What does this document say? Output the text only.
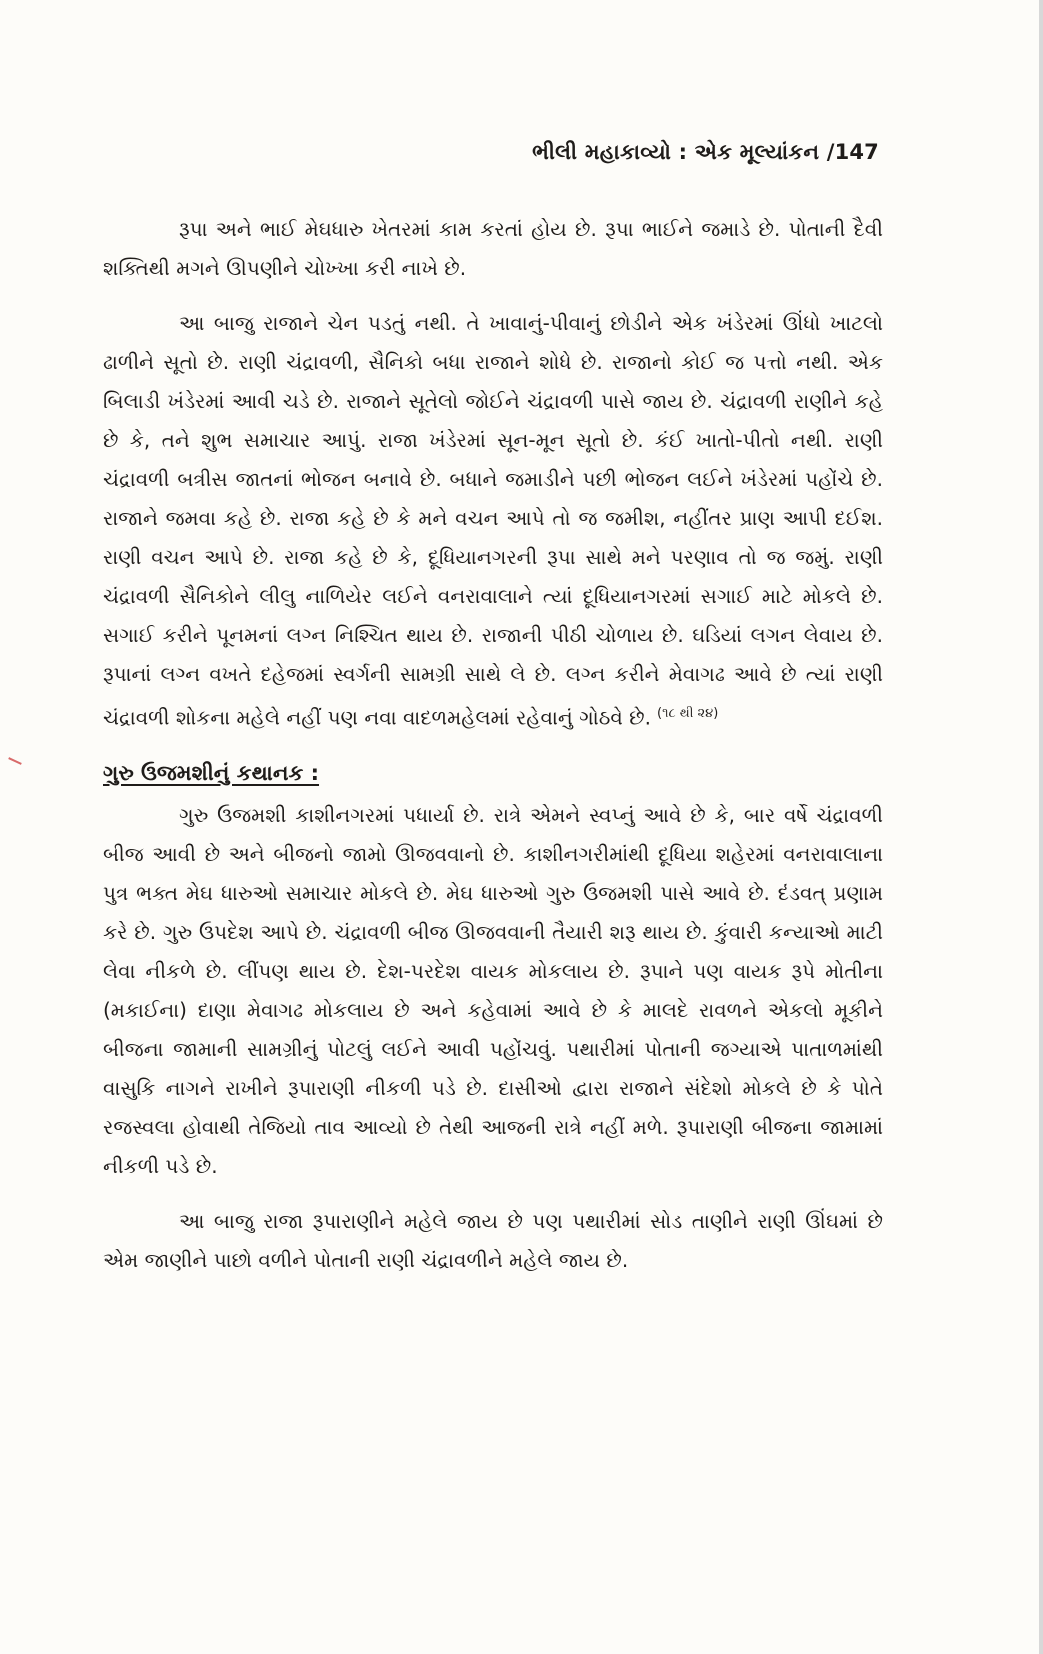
ભીલી મહાકાવ્યો : એક મૂલ્યાંકન /147

રૂપા અને ભાઈ મેઘધારુ ખેતરમાં કામ કરતાં હોય છે. રૂપા ભાઈને જમાડે છે. પોતાની દૈવી શક્તિથી મગને ઊપણીને ચોખ્ખા કરી નાખે છે.

આ બાજુ રાજાને ચેન પડતું નથી. તે ખાવાનું-પીવાનું છોડીને એક ખંડેરમાં ઊંધો ખાટલો ઢાળીને સૂતો છે. રાણી ચંદ્રાવળી, સૈનિકો બધા રાજાને શોધે છે. રાજાનો કોઈ જ પત્તો નથી. એક બિલાડી ખંડેરમાં આવી ચડે છે. રાજાને સૂતેલો જોઈને ચંદ્રાવળી પાસે જાય છે. ચંદ્રાવળી રાણીને કહે છે કે, તને શુભ સમાચાર આપું. રાજા ખંડેરમાં સૂન-મૂન સૂતો છે. કંઈ ખાતો-પીતો નથી. રાણી ચંદ્રાવળી બત્રીસ જાતનાં ભોજન બનાવે છે. બધાને જમાડીને પછી ભોજન લઈને ખંડેરમાં પહોંચે છે. રાજાને જમવા કહે છે. રાજા કહે છે કે મને વચન આપે તો જ જમીશ, નહીંતર પ્રાણ આપી દઈશ. રાણી વચન આપે છે. રાજા કહે છે કે, દૂધિયાનગરની રૂપા સાથે મને પરણાવ તો જ જમું. રાણી ચંદ્રાવળી સૈનિકોને લીલુ નાળિયેર લઈને વનરાવાલાને ત્યાં દૂધિયાનગરમાં સગાઈ માટે મોકલે છે. સગાઈ કરીને પૂનમનાં લગ્ન નિશ્ચિત થાય છે. રાજાની પીઠી ચોળાય છે. ઘડિયાં લગન લેવાય છે. રૂપાનાં લગ્ન વખતે દહેજમાં સ્વર્ગની સામગ્રી સાથે લે છે. લગ્ન કરીને મેવાગઢ આવે છે ત્યાં રાણી ચંદ્રાવળી શોકના મહેલે નહીં પણ નવા વાદળમહેલમાં રહેવાનું ગોઠવે છે. $^{(૧૮ થી ૨૪)}$

ગુરુ ઉજમશીનું કથાનક :

ગુરુ ઉજમશી કાશીનગરમાં પધાર્યા છે. રાત્રે એમને સ્વપ્નું આવે છે કે, બાર વર્ષે ચંદ્રાવળી બીજ આવી છે અને બીજનો જામો ઊજવવાનો છે. કાશીનગરીમાંથી દૂધિયા શહેરમાં વનરાવાલાના પુત્ર ભક્ત મેઘ ધારુઓ સમાચાર મોકલે છે. મેઘ ધારુઓ ગુરુ ઉજમશી પાસે આવે છે. દંડવત્ પ્રણામ કરે છે. ગુરુ ઉપદેશ આપે છે. ચંદ્રાવળી બીજ ઊજવવાની તૈયારી શરૂ થાય છે. કુંવારી કન્યાઓ માટી લેવા નીકળે છે. લીંપણ થાય છે. દેશ-પરદેશ વાયક મોકલાય છે. રૂપાને પણ વાયક રૂપે મોતીના (મકાઈના) દાણા મેવાગઢ મોકલાય છે અને કહેવામાં આવે છે કે માલદે રાવળને એકલો મૂકીને બીજના જામાની સામગ્રીનું પોટલું લઈને આવી પહોંચવું. પથારીમાં પોતાની જગ્યાએ પાતાળમાંથી વાસુકિ નાગને રાખીને રૂપારાણી નીકળી પડે છે. દાસીઓ દ્વારા રાજાને સંદેશો મોકલે છે કે પોતે રજસ્વલા હોવાથી તેજિયો તાવ આવ્યો છે તેથી આજની રાત્રે નહીં મળે. રૂપારાણી બીજના જામામાં નીકળી પડે છે.

આ બાજુ રાજા રૂપારાણીને મહેલે જાય છે પણ પથારીમાં સોડ તાણીને રાણી ઊંઘમાં છે એમ જાણીને પાછો વળીને પોતાની રાણી ચંદ્રાવળીને મહેલે જાય છે.
